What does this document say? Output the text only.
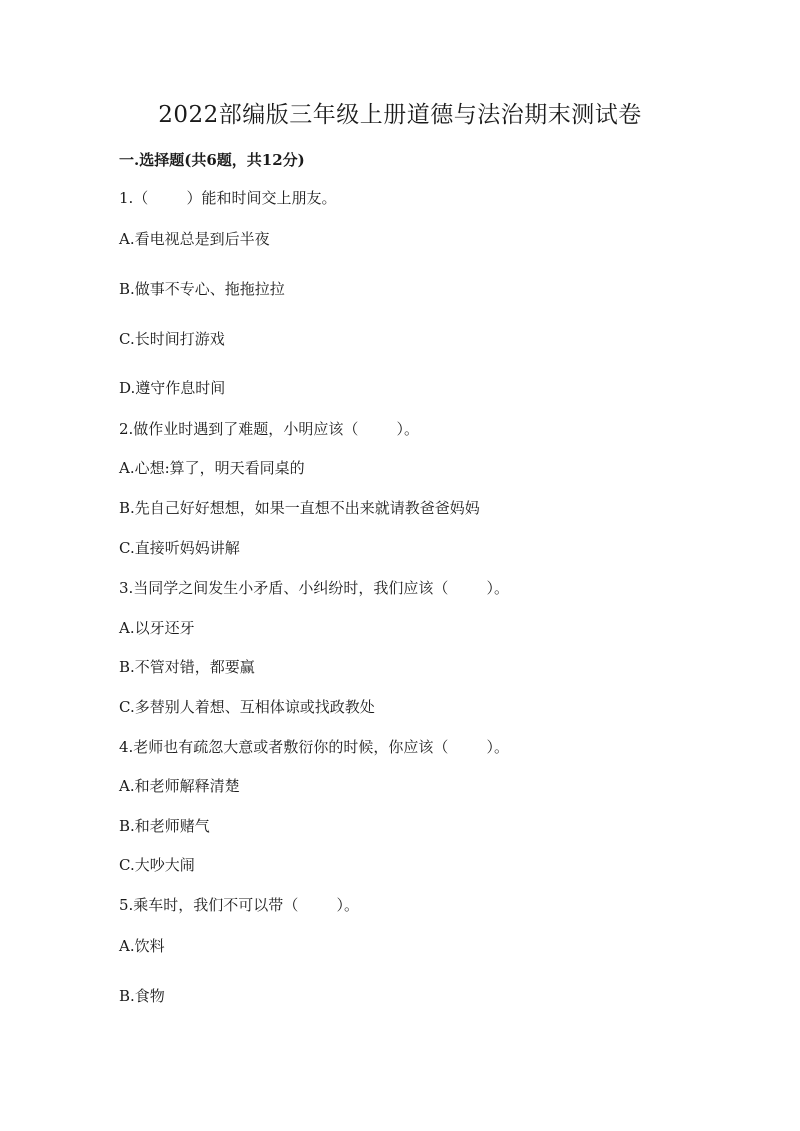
2022部编版三年级上册道德与法治期末测试卷
一.选择题(共6题，共12分)
1.（        ）能和时间交上朋友。
A.看电视总是到后半夜
B.做事不专心、拖拖拉拉
C.长时间打游戏
D.遵守作息时间
2.做作业时遇到了难题，小明应该（        ）。
A.心想:算了，明天看同桌的
B.先自己好好想想，如果一直想不出来就请教爸爸妈妈
C.直接听妈妈讲解
3.当同学之间发生小矛盾、小纠纷时，我们应该（        ）。
A.以牙还牙
B.不管对错，都要赢
C.多替别人着想、互相体谅或找政教处
4.老师也有疏忽大意或者敷衍你的时候，你应该（        ）。
A.和老师解释清楚
B.和老师赌气
C.大吵大闹
5.乘车时，我们不可以带（        ）。
A.饮料
B.食物
